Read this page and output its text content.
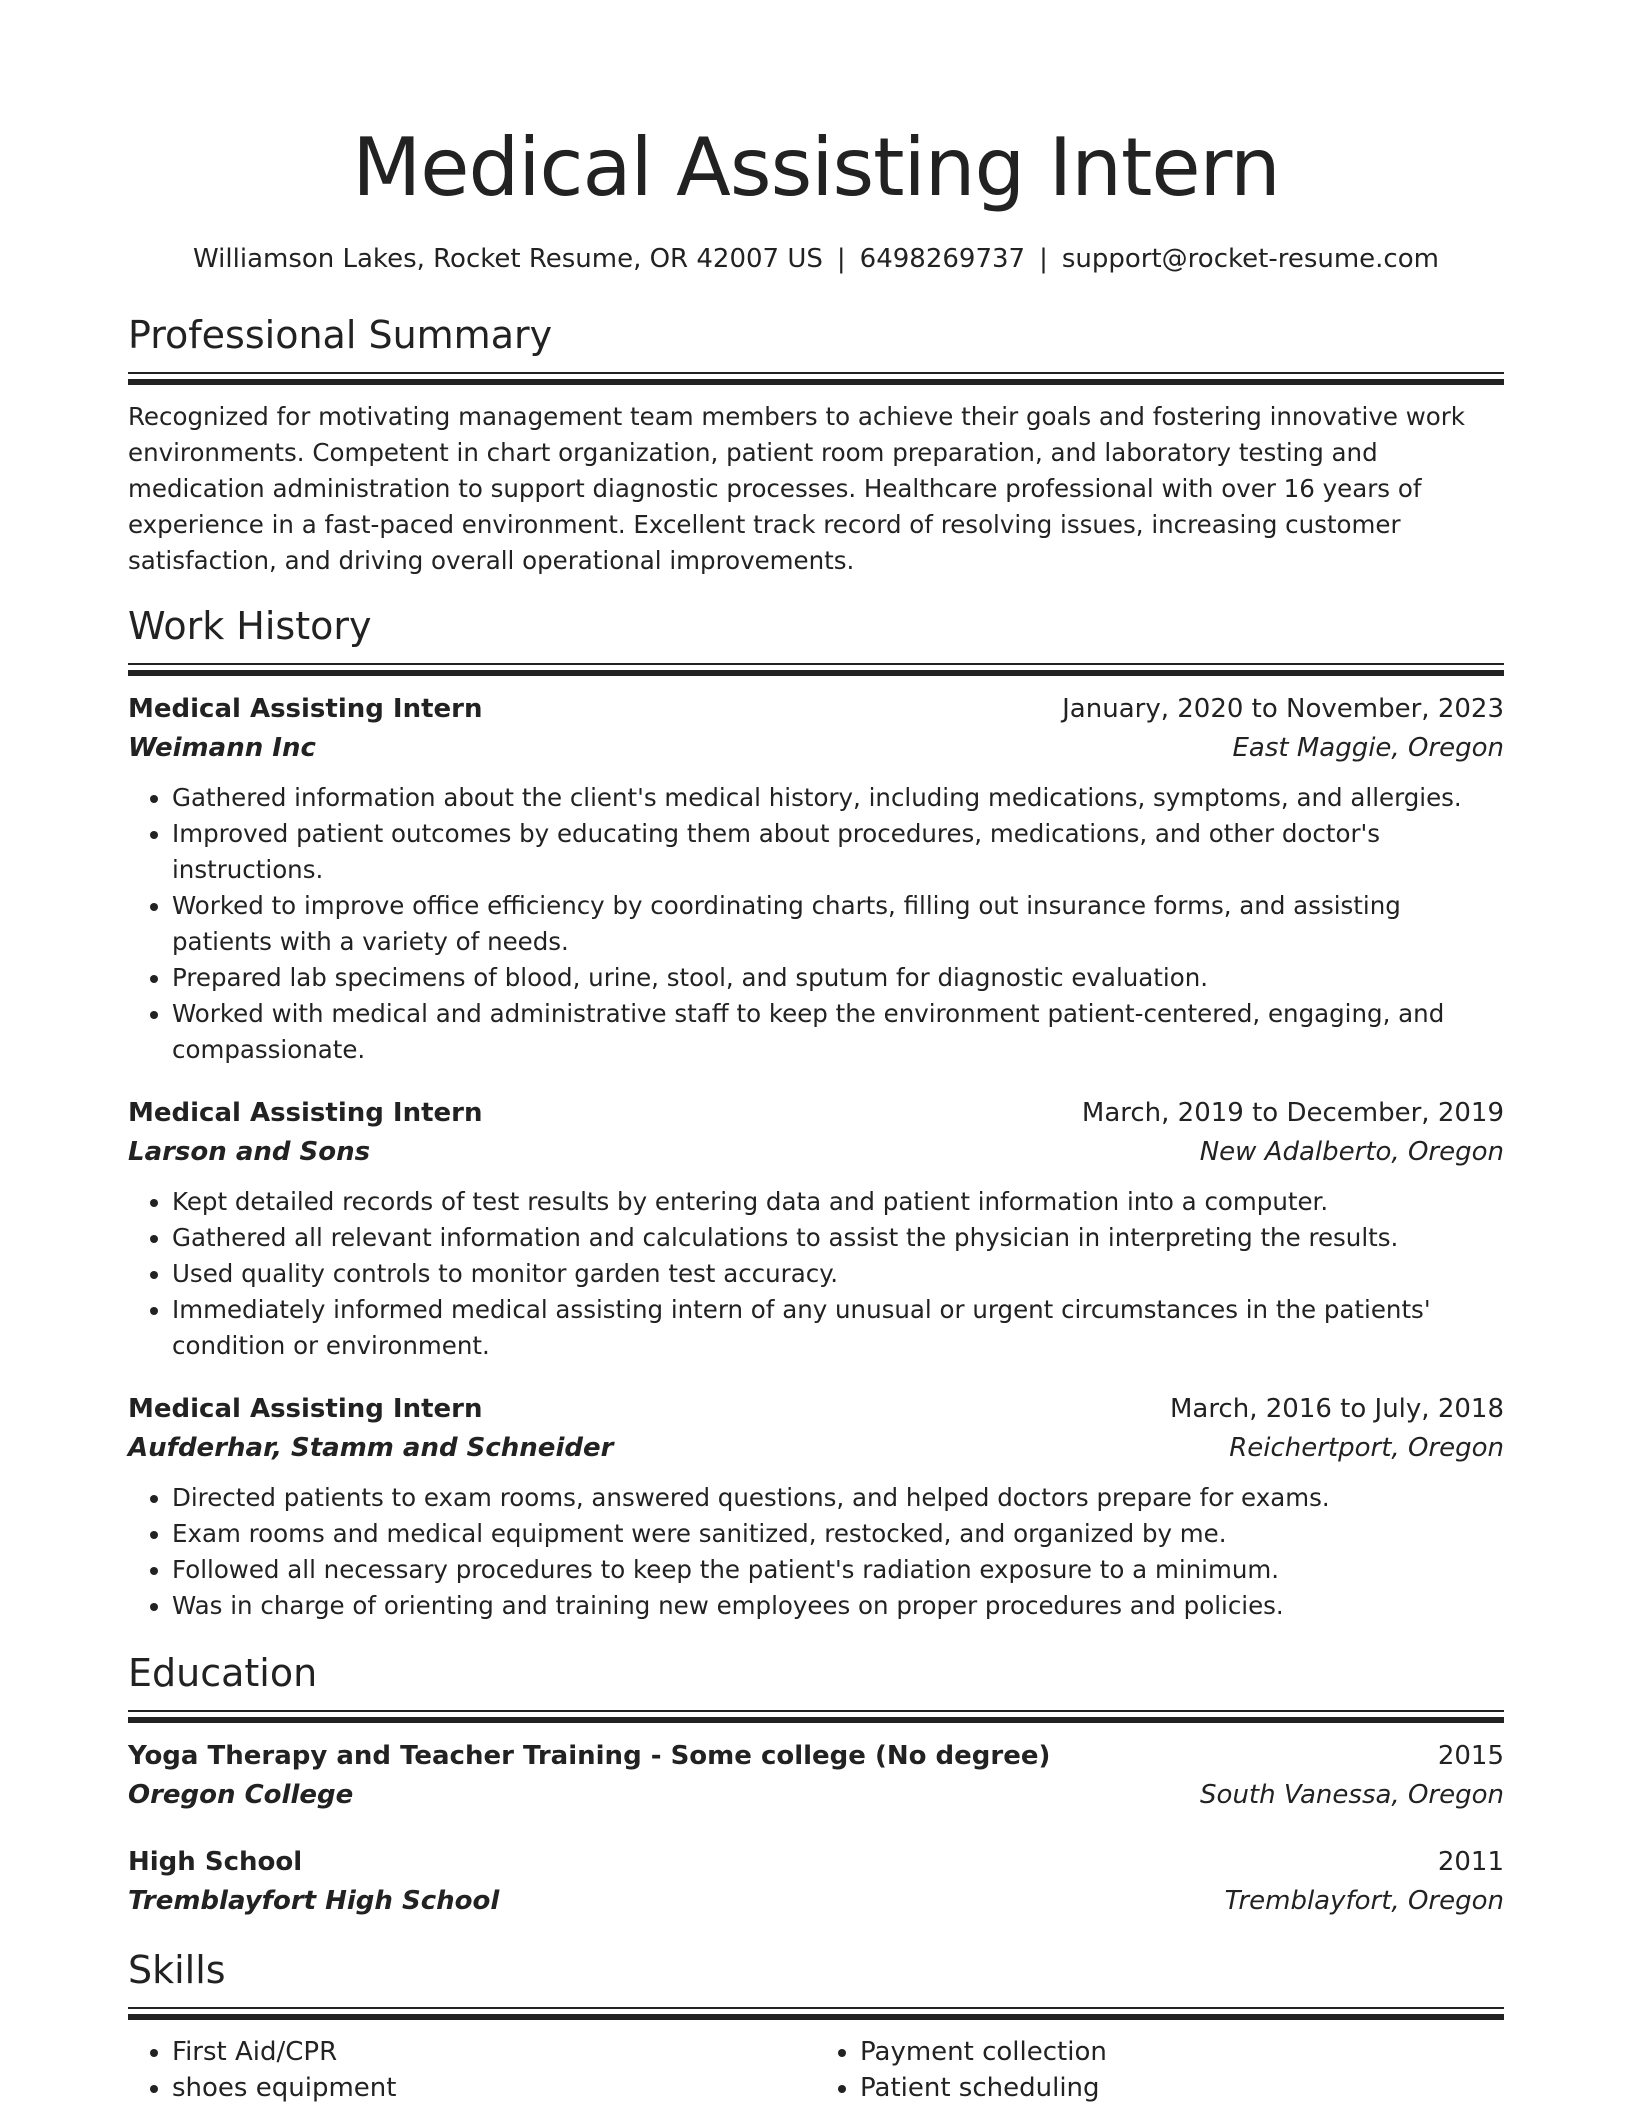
Medical Assisting Intern
Williamson Lakes, Rocket Resume, OR 42007 US | 6498269737 | support@rocket-resume.com
Professional Summary
Recognized for motivating management team members to achieve their goals and fostering innovative work environments. Competent in chart organization, patient room preparation, and laboratory testing and medication administration to support diagnostic processes. Healthcare professional with over 16 years of experience in a fast-paced environment. Excellent track record of resolving issues, increasing customer satisfaction, and driving overall operational improvements.
Work History
Medical Assisting Intern	January, 2020 to November, 2023
Weimann Inc	East Maggie, Oregon
• Gathered information about the client's medical history, including medications, symptoms, and allergies.
• Improved patient outcomes by educating them about procedures, medications, and other doctor's instructions.
• Worked to improve office efficiency by coordinating charts, filling out insurance forms, and assisting patients with a variety of needs.
• Prepared lab specimens of blood, urine, stool, and sputum for diagnostic evaluation.
• Worked with medical and administrative staff to keep the environment patient-centered, engaging, and compassionate.
Medical Assisting Intern	March, 2019 to December, 2019
Larson and Sons	New Adalberto, Oregon
• Kept detailed records of test results by entering data and patient information into a computer.
• Gathered all relevant information and calculations to assist the physician in interpreting the results.
• Used quality controls to monitor garden test accuracy.
• Immediately informed medical assisting intern of any unusual or urgent circumstances in the patients' condition or environment.
Medical Assisting Intern	March, 2016 to July, 2018
Aufderhar, Stamm and Schneider	Reichertport, Oregon
• Directed patients to exam rooms, answered questions, and helped doctors prepare for exams.
• Exam rooms and medical equipment were sanitized, restocked, and organized by me.
• Followed all necessary procedures to keep the patient's radiation exposure to a minimum.
• Was in charge of orienting and training new employees on proper procedures and policies.
Education
Yoga Therapy and Teacher Training - Some college (No degree)	2015
Oregon College	South Vanessa, Oregon
High School	2011
Tremblayfort High School	Tremblayfort, Oregon
Skills
• First Aid/CPR
• shoes equipment
• Payment collection
• Patient scheduling
